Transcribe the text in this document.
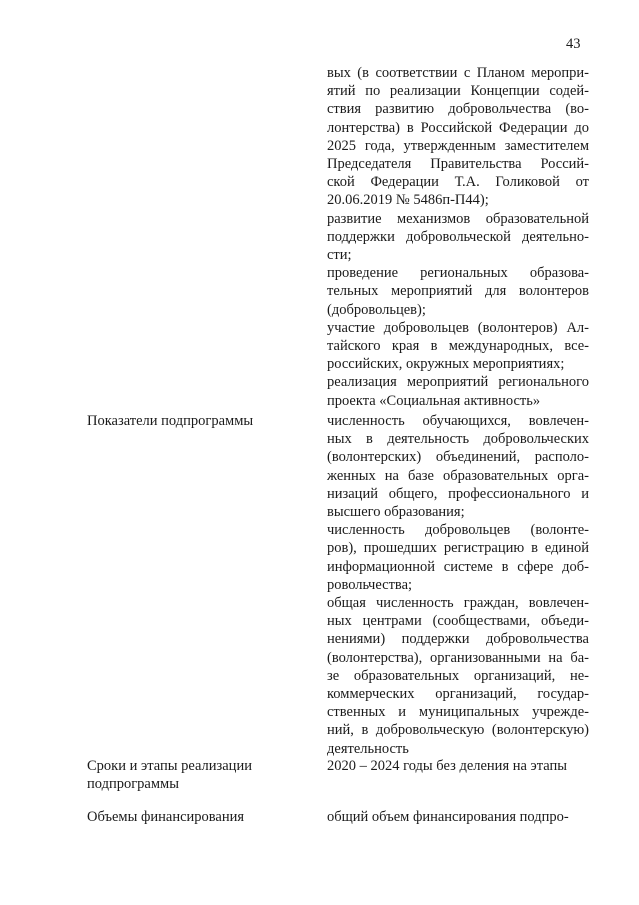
43
Показатели подпрограммы
Сроки и этапы реализации
подпрограммы
Объемы финансирования

вых (в соответствии с Планом меропри-
ятий по реализации Концепции содей-
ствия развитию добровольчества (во-
лонтерства) в Российской Федерации до
2025 года, утвержденным заместителем
Председателя Правительства Россий-
ской Федерации Т.А. Голиковой от
20.06.2019 № 5486п-П44);

развитие механизмов образовательной
поддержки добровольческой деятельно-
сти;

проведение региональных образова-
тельных мероприятий для волонтеров
(добровольцев);

участие добровольцев (волонтеров) Ал-
тайского края в международных, все-
российских, окружных мероприятиях;

реализация мероприятий регионального
проекта «Социальная активность»

численность обучающихся, вовлечен-
ных в деятельность добровольческих
(волонтерских) объединений, располо-
женных на базе образовательных орга-
низаций общего, профессионального и
высшего образования;

численность добровольцев (волонте-
ров), прошедших регистрацию в единой
информационной системе в сфере доб-
ровольчества;

общая численность граждан, вовлечен-
ных центрами (сообществами, объеди-
нениями) поддержки добровольчества
(волонтерства), организованными на ба-
зе образовательных организаций, не-
коммерческих организаций, государ-
ственных и муниципальных учрежде-
ний, в добровольческую (волонтерскую)
деятельность

2020 – 2024 годы без деления на этапы

общий объем финансирования подпро-
